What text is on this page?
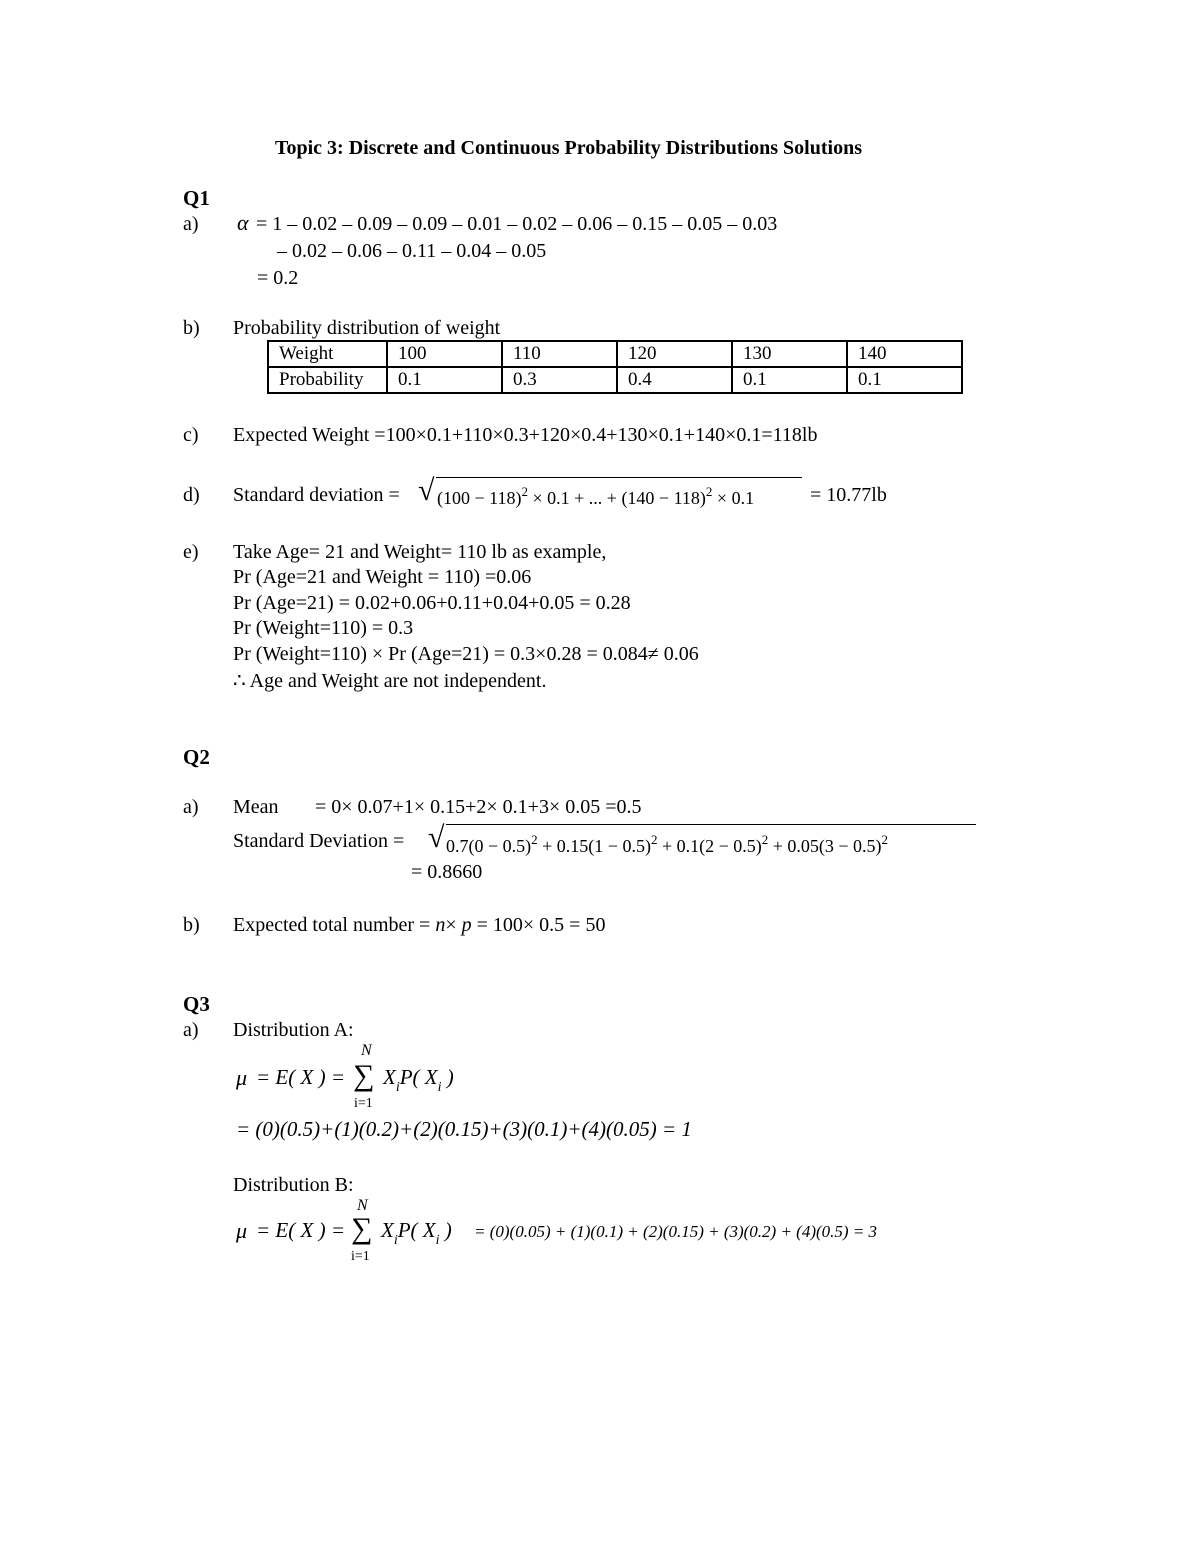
Topic 3: Discrete and Continuous Probability Distributions Solutions
Q1
a) α = 1 – 0.02 – 0.09 – 0.09 – 0.01 – 0.02 – 0.06 – 0.15 – 0.05 – 0.03
– 0.02 – 0.06 – 0.11 – 0.04 – 0.05
= 0.2
b) Probability distribution of weight
Weight	100	110	120	130	140
Probability	0.1	0.3	0.4	0.1	0.1
c) Expected Weight =100×0.1+110×0.3+120×0.4+130×0.1+140×0.1=118lb
d) Standard deviation = √ $(100 - 118)^2 \times 0.1$ + ... + $(140 - 118)^2 \times 0.1$	= 10.77lb
e) Take Age= 21 and Weight= 110 lb as example,
Pr (Age=21 and Weight = 110) =0.06
Pr (Age=21) = 0.02+0.06+0.11+0.04+0.05 = 0.28
Pr (Weight=110) = 0.3
Pr (Weight=110) × Pr (Age=21) = 0.3×0.28 = 0.084≠ 0.06
∴ Age and Weight are not independent.
Q2
a) Mean = 0× 0.07+1× 0.15+2× 0.1+3× 0.05 =0.5
Standard Deviation = √ $0.7(0 - 0.5)^2 + 0.15(1 - 0.5)^2 + 0.1(2 - 0.5)^2 + 0.05(3 - 0.5)^2$
= 0.8660
b) Expected total number = n× p = 100× 0.5 = 50
Q3
a) Distribution A:
N
μ = E( X ) = ∑ $X_iP$( $X_i$ )
i=1
= (0)(0.5)+(1)(0.2)+(2)(0.15)+(3)(0.1)+(4)(0.05) = 1
Distribution B:
N
μ = E( X ) = ∑ $X_iP$( $X_i$ ) = (0)(0.05) + (1)(0.1) + (2)(0.15) + (3)(0.2) + (4)(0.5) = 3
i=1
